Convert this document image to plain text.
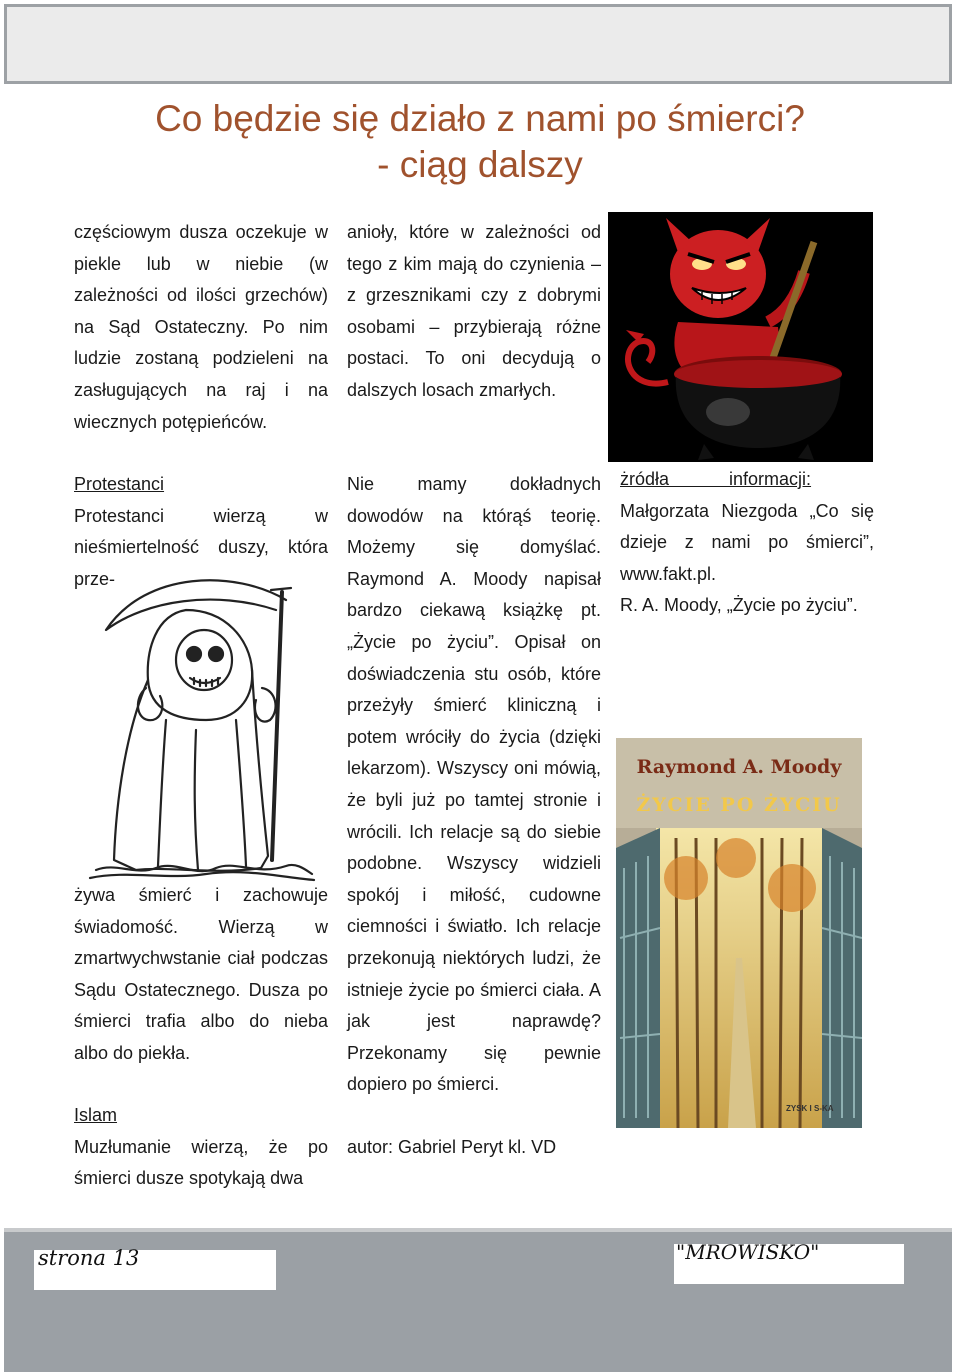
Co będzie się działo z nami po śmierci?
- ciąg dalszy

częściowym dusza oczekuje w piekle lub w niebie (w zależności od ilości grzechów) na Sąd Ostateczny. Po nim ludzie zostaną podzieleni na zasługujących na raj i na wiecznych potępieńców.

Protestanci

Protestanci wierzą w nieśmiertelność duszy, która prze-

żywa śmierć i zachowuje świadomość. Wierzą w zmartwychwstanie ciał podczas Sądu Ostatecznego. Dusza po śmierci trafia albo do nieba albo do piekła.

Islam

Muzłumanie wierzą, że po śmierci dusze spotykają dwa

anioły, które w zależności od tego z kim mają do czynienia – z grzesznikami czy z dobrymi osobami – przybierają różne postaci. To oni decydują o dalszych losach zmarłych.

Nie mamy dokładnych dowodów na którąś teorię. Możemy się domyślać. Raymond A. Moody napisał bardzo ciekawą książkę pt. „Życie po życiu”. Opisał on doświadczenia stu osób, które przeżyły śmierć kliniczną i potem wróciły do życia (dzięki lekarzom). Wszyscy oni mówią, że byli już po tamtej stronie i wrócili. Ich relacje są do siebie podobne. Wszyscy widzieli spokój i miłość, cudowne ciemności i światło. Ich relacje przekonują niektórych ludzi, że istnieje życie po śmierci ciała. A jak jest naprawdę? Przekonamy się pewnie dopiero po śmierci.

autor: Gabriel Peryt kl. VD

żródła informacji:

Małgorzata Niezgoda „Co się dzieje z nami po śmierci”, www.fakt.pl.

R. A. Moody, „Życie po życiu”.

Raymond A. Moody
ŻYCIE PO ŻYCIU
ZYSK I S-KA
strona 13	"MROWISKO"
